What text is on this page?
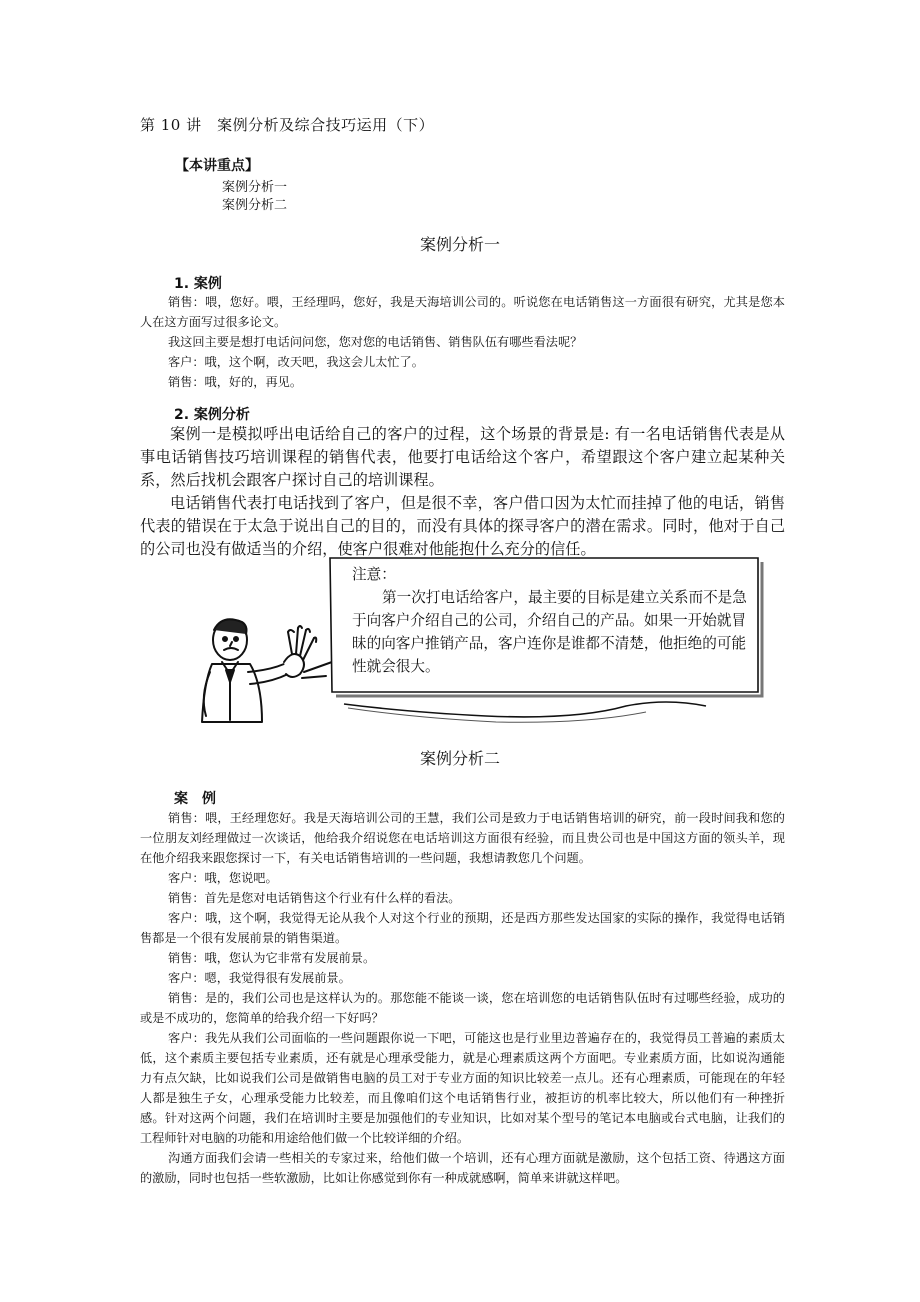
第 10 讲　案例分析及综合技巧运用（下）
【本讲重点】
案例分析一
案例分析二
案例分析一
1. 案例

销售：喂，您好。喂，王经理吗，您好，我是天海培训公司的。听说您在电话销售这一方面很有研究，尤其是您本人在这方面写过很多论文。

我这回主要是想打电话问问您，您对您的电话销售、销售队伍有哪些看法呢？

客户：哦，这个啊，改天吧，我这会儿太忙了。

销售：哦，好的，再见。

2. 案例分析

案例一是模拟呼出电话给自己的客户的过程，这个场景的背景是: 有一名电话销售代表是从事电话销售技巧培训课程的销售代表，他要打电话给这个客户，希望跟这个客户建立起某种关系，然后找机会跟客户探讨自己的培训课程。

电话销售代表打电话找到了客户，但是很不幸，客户借口因为太忙而挂掉了他的电话，销售代表的错误在于太急于说出自己的目的，而没有具体的探寻客户的潜在需求。同时，他对于自己的公司也没有做适当的介绍，使客户很难对他能抱什么充分的信任。

注意：
第一次打电话给客户，最主要的目标是建立关系而不是急于向客户介绍自己的公司，介绍自己的产品。如果一开始就冒昧的向客户推销产品，客户连你是谁都不清楚，他拒绝的可能性就会很大。
案例分析二
案　例

销售：喂，王经理您好。我是天海培训公司的王慧，我们公司是致力于电话销售培训的研究，前一段时间我和您的一位朋友刘经理做过一次谈话，他给我介绍说您在电话培训这方面很有经验，而且贵公司也是中国这方面的领头羊，现在他介绍我来跟您探讨一下，有关电话销售培训的一些问题，我想请教您几个问题。

客户：哦，您说吧。

销售：首先是您对电话销售这个行业有什么样的看法。

客户：哦，这个啊，我觉得无论从我个人对这个行业的预期，还是西方那些发达国家的实际的操作，我觉得电话销售都是一个很有发展前景的销售渠道。

销售：哦，您认为它非常有发展前景。

客户：嗯，我觉得很有发展前景。

销售：是的，我们公司也是这样认为的。那您能不能谈一谈，您在培训您的电话销售队伍时有过哪些经验，成功的或是不成功的，您简单的给我介绍一下好吗？

客户：我先从我们公司面临的一些问题跟你说一下吧，可能这也是行业里边普遍存在的，我觉得员工普遍的素质太低，这个素质主要包括专业素质，还有就是心理承受能力，就是心理素质这两个方面吧。专业素质方面，比如说沟通能力有点欠缺，比如说我们公司是做销售电脑的员工对于专业方面的知识比较差一点儿。还有心理素质，可能现在的年轻人都是独生子女，心理承受能力比较差，而且像咱们这个电话销售行业，被拒访的机率比较大，所以他们有一种挫折感。针对这两个问题，我们在培训时主要是加强他们的专业知识，比如对某个型号的笔记本电脑或台式电脑，让我们的工程师针对电脑的功能和用途给他们做一个比较详细的介绍。

沟通方面我们会请一些相关的专家过来，给他们做一个培训，还有心理方面就是激励，这个包括工资、待遇这方面的激励，同时也包括一些软激励，比如让你感觉到你有一种成就感啊，简单来讲就这样吧。
